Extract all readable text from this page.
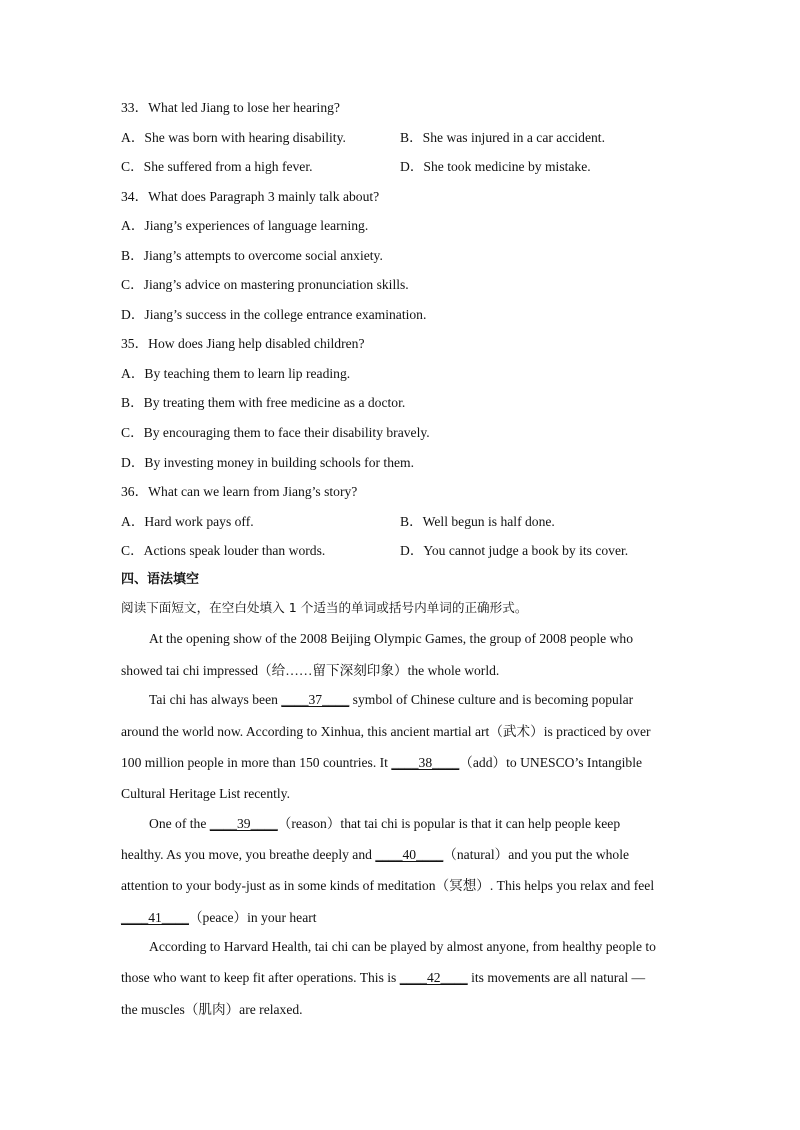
33．What led Jiang to lose her hearing?
A．She was born with hearing disability.	B．She was injured in a car accident.
C．She suffered from a high fever.	D．She took medicine by mistake.
34．What does Paragraph 3 mainly talk about?
A．Jiang’s experiences of language learning.
B．Jiang’s attempts to overcome social anxiety.
C．Jiang’s advice on mastering pronunciation skills.
D．Jiang’s success in the college entrance examination.
35．How does Jiang help disabled children?
A．By teaching them to learn lip reading.
B．By treating them with free medicine as a doctor.
C．By encouraging them to face their disability bravely.
D．By investing money in building schools for them.
36．What can we learn from Jiang’s story?
A．Hard work pays off.	B．Well begun is half done.
C．Actions speak louder than words.	D．You cannot judge a book by its cover.
四、语法填空
阅读下面短文，在空白处填入 1 个适当的单词或括号内单词的正确形式。
At the opening show of the 2008 Beijing Olympic Games, the group of 2008 people who
showed tai chi impressed（给……留下深刻印象）the whole world.
Tai chi has always been ____37____ symbol of Chinese culture and is becoming popular
around the world now. According to Xinhua, this ancient martial art（武术）is practiced by over
100 million people in more than 150 countries. It ____38____（add）to UNESCO’s Intangible
Cultural Heritage List recently.
One of the ____39____（reason）that tai chi is popular is that it can help people keep
healthy. As you move, you breathe deeply and ____40____（natural）and you put the whole
attention to your body-just as in some kinds of meditation（冥想）. This helps you relax and feel
____41____（peace）in your heart
According to Harvard Health, tai chi can be played by almost anyone, from healthy people to
those who want to keep fit after operations. This is ____42____ its movements are all natural —
the muscles（肌肉）are relaxed.
